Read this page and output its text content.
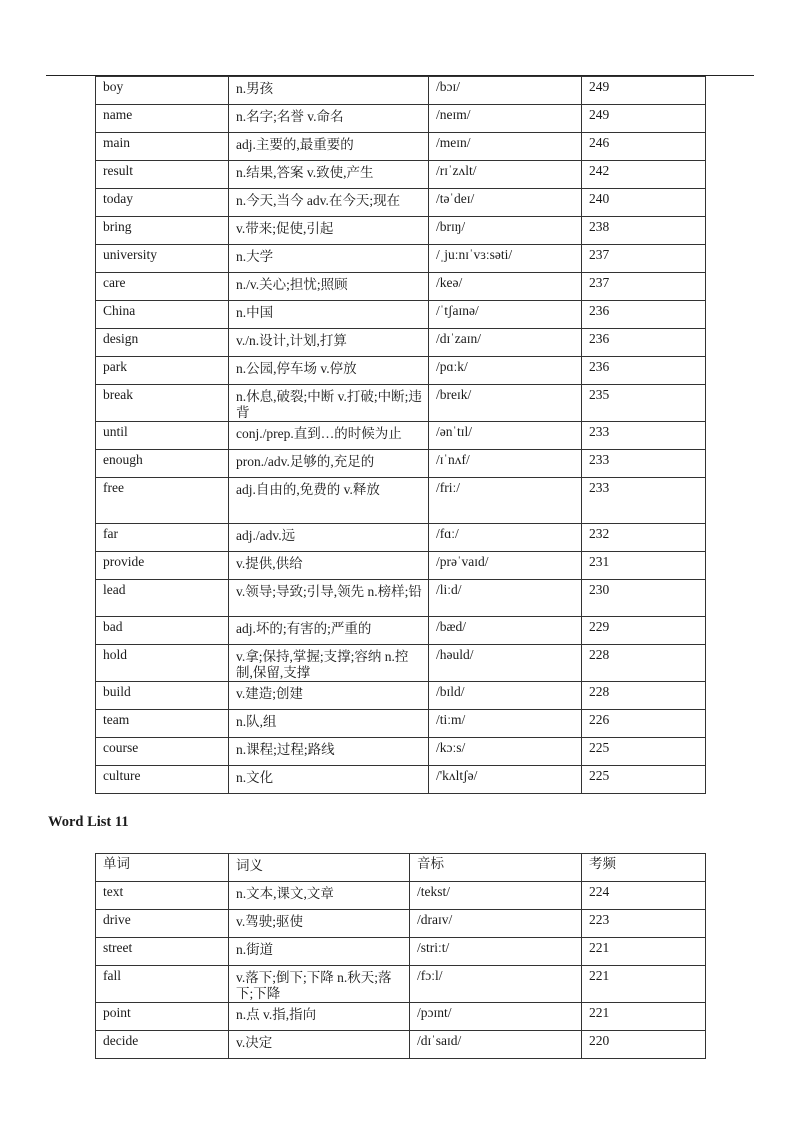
boy	n.男孩	/bɔɪ/	249
name	n.名字;名誉 v.命名	/neɪm/	249
main	adj.主要的,最重要的	/meɪn/	246
result	n.结果,答案 v.致使,产生	/rɪˈzʌlt/	242
today	n.今天,当今 adv.在今天;现在	/təˈdeɪ/	240
bring	v.带来;促使,引起	/brɪŋ/	238
university	n.大学	/ˌjuːnɪˈvɜːsəti/	237
care	n./v.关心;担忧;照顾	/keə/	237
China	n.中国	/ˈtʃaɪnə/	236
design	v./n.设计,计划,打算	/dɪˈzaɪn/	236
park	n.公园,停车场 v.停放	/pɑːk/	236
break	n.休息,破裂;中断 v.打破;中断;违背	/breɪk/	235
until	conj./prep.直到…的时候为止	/ənˈtɪl/	233
enough	pron./adv.足够的,充足的	/ɪˈnʌf/	233
free	adj.自由的,免费的 v.释放	/friː/	233
far	adj./adv.远	/fɑː/	232
provide	v.提供,供给	/prəˈvaɪd/	231
lead	v.领导;导致;引导,领先 n.榜样;铅	/liːd/	230
bad	adj.坏的;有害的;严重的	/bæd/	229
hold	v.拿;保持,掌握;支撑;容纳 n.控制,保留,支撑	/həuld/	228
build	v.建造;创建	/bɪld/	228
team	n.队,组	/tiːm/	226
course	n.课程;过程;路线	/kɔːs/	225
culture	n.文化	/'kʌltʃə/	225
Word List 11
单词	词义	音标	考频
text	n.文本,课文,文章	/tekst/	224
drive	v.驾驶;驱使	/draɪv/	223
street	n.街道	/striːt/	221
fall	v.落下;倒下;下降 n.秋天;落下;下降	/fɔːl/	221
point	n.点 v.指,指向	/pɔɪnt/	221
decide	v.决定	/dɪˈsaɪd/	220
